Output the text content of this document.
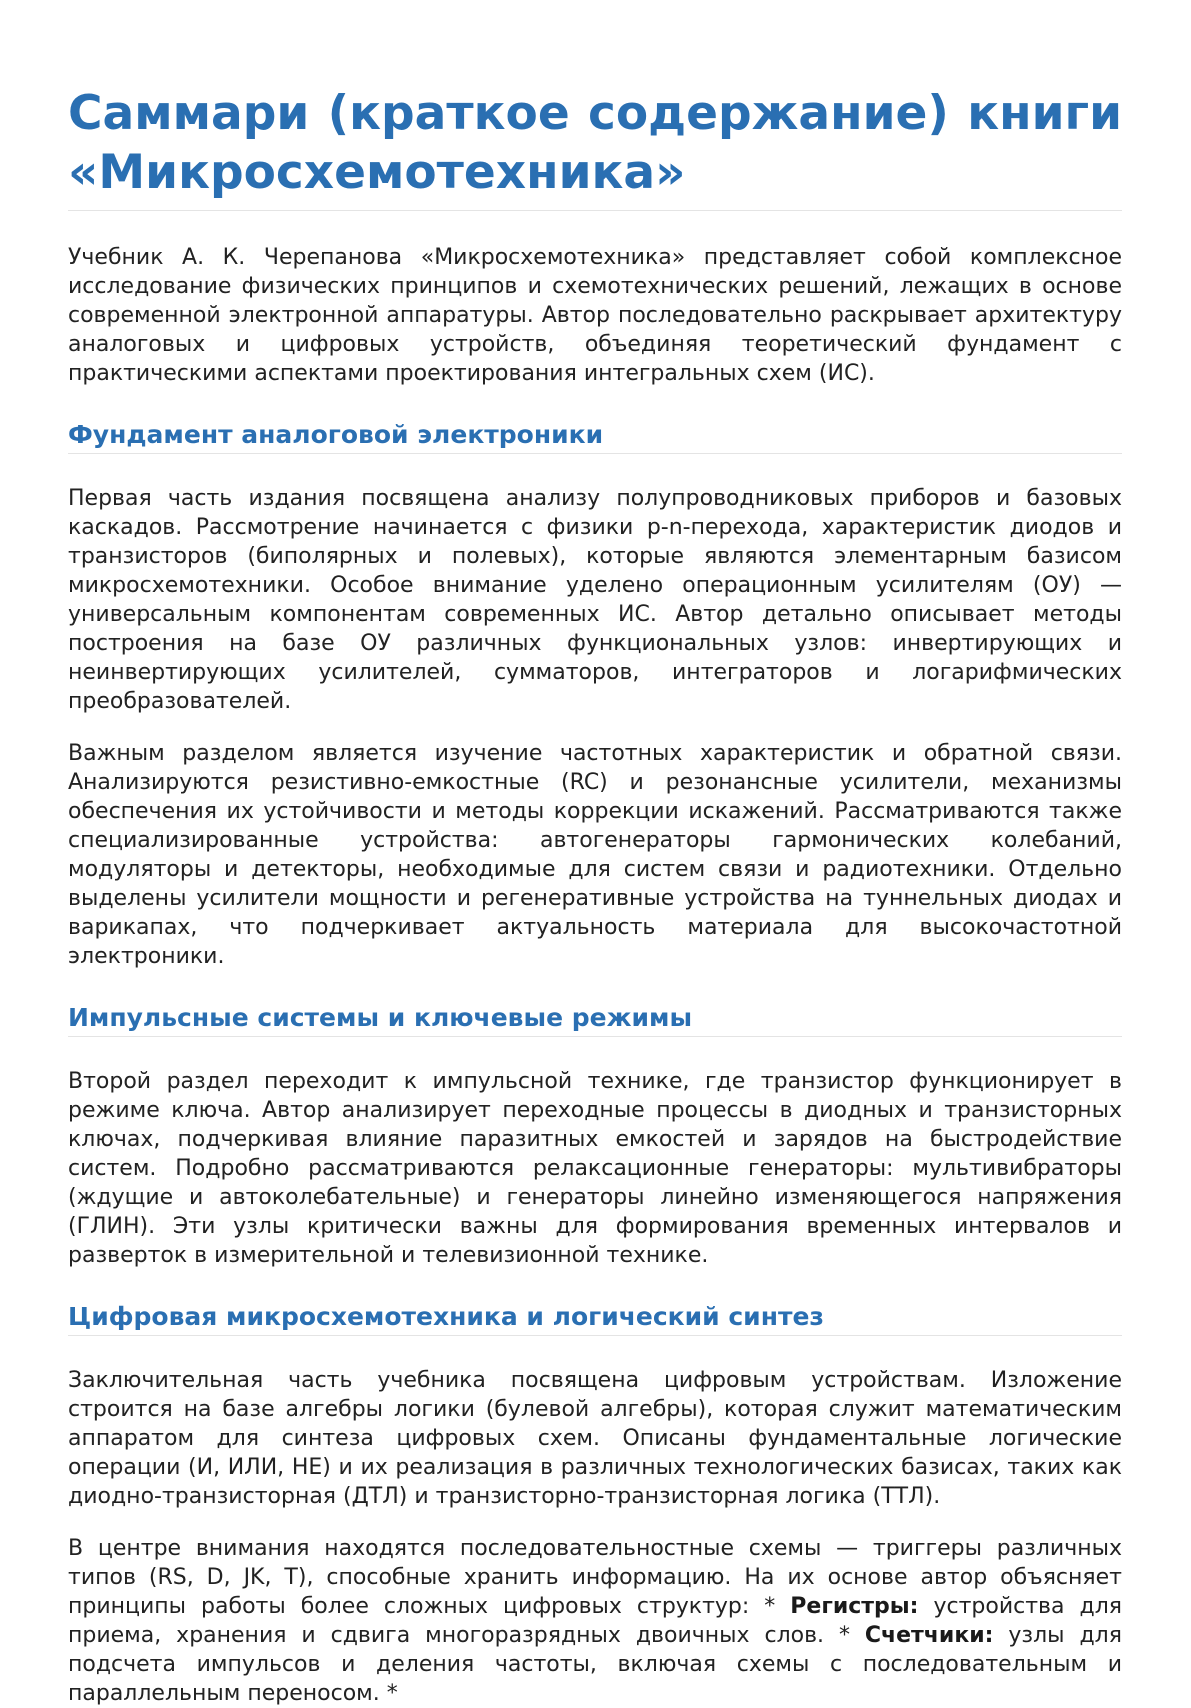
Саммари (краткое содержание) книги «Микросхемотехника»

Учебник А. К. Черепанова «Микросхемотехника» представляет собой комплексное исследование физических принципов и схемотехнических решений, лежащих в основе современной электронной аппаратуры. Автор последовательно раскрывает архитектуру аналоговых и цифровых устройств, объединяя теоретический фундамент с практическими аспектами проектирования интегральных схем (ИС).

Фундамент аналоговой электроники

Первая часть издания посвящена анализу полупроводниковых приборов и базовых каскадов. Рассмотрение начинается с физики p-n-перехода, характеристик диодов и транзисторов (биполярных и полевых), которые являются элементарным базисом микросхемотехники. Особое внимание уделено операционным усилителям (ОУ) — универсальным компонентам современных ИС. Автор детально описывает методы построения на базе ОУ различных функциональных узлов: инвертирующих и неинвертирующих усилителей, сумматоров, интеграторов и логарифмических преобразователей.

Важным разделом является изучение частотных характеристик и обратной связи. Анализируются резистивно-емкостные (RC) и резонансные усилители, механизмы обеспечения их устойчивости и методы коррекции искажений. Рассматриваются также специализированные устройства: автогенераторы гармонических колебаний, модуляторы и детекторы, необходимые для систем связи и радиотехники. Отдельно выделены усилители мощности и регенеративные устройства на туннельных диодах и варикапах, что подчеркивает актуальность материала для высокочастотной электроники.

Импульсные системы и ключевые режимы

Второй раздел переходит к импульсной технике, где транзистор функционирует в режиме ключа. Автор анализирует переходные процессы в диодных и транзисторных ключах, подчеркивая влияние паразитных емкостей и зарядов на быстродействие систем. Подробно рассматриваются релаксационные генераторы: мультивибраторы (ждущие и автоколебательные) и генераторы линейно изменяющегося напряжения (ГЛИН). Эти узлы критически важны для формирования временных интервалов и разверток в измерительной и телевизионной технике.

Цифровая микросхемотехника и логический синтез

Заключительная часть учебника посвящена цифровым устройствам. Изложение строится на базе алгебры логики (булевой алгебры), которая служит математическим аппаратом для синтеза цифровых схем. Описаны фундаментальные логические операции (И, ИЛИ, НЕ) и их реализация в различных технологических базисах, таких как диодно-транзисторная (ДТЛ) и транзисторно-транзисторная логика (ТТЛ).

В центре внимания находятся последовательностные схемы — триггеры различных типов (RS, D, JK, T), способные хранить информацию. На их основе автор объясняет принципы работы более сложных цифровых структур: * Регистры: устройства для приема, хранения и сдвига многоразрядных двоичных слов. * Счетчики: узлы для подсчета импульсов и деления частоты, включая схемы с последовательным и параллельным переносом. *
